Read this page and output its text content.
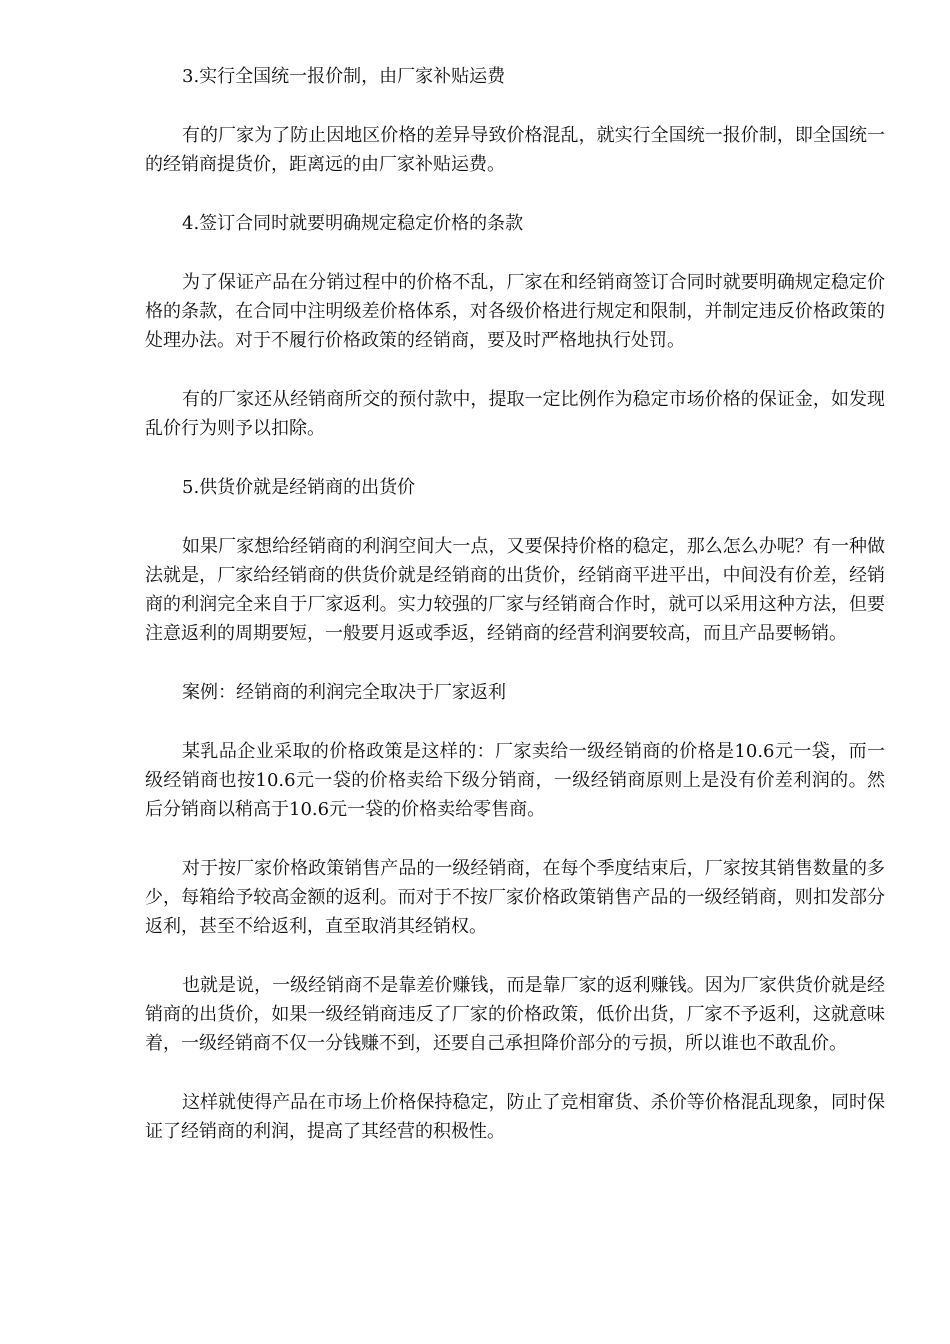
3.实行全国统一报价制，由厂家补贴运费

有的厂家为了防止因地区价格的差异导致价格混乱，就实行全国统一报价制，即全国统一的经销商提货价，距离远的由厂家补贴运费。

4.签订合同时就要明确规定稳定价格的条款

为了保证产品在分销过程中的价格不乱，厂家在和经销商签订合同时就要明确规定稳定价格的条款，在合同中注明级差价格体系，对各级价格进行规定和限制，并制定违反价格政策的处理办法。对于不履行价格政策的经销商，要及时严格地执行处罚。

有的厂家还从经销商所交的预付款中，提取一定比例作为稳定市场价格的保证金，如发现乱价行为则予以扣除。

5.供货价就是经销商的出货价

如果厂家想给经销商的利润空间大一点，又要保持价格的稳定，那么怎么办呢？有一种做法就是，厂家给经销商的供货价就是经销商的出货价，经销商平进平出，中间没有价差，经销商的利润完全来自于厂家返利。实力较强的厂家与经销商合作时，就可以采用这种方法，但要注意返利的周期要短，一般要月返或季返，经销商的经营利润要较高，而且产品要畅销。

案例：经销商的利润完全取决于厂家返利

某乳品企业采取的价格政策是这样的：厂家卖给一级经销商的价格是10.6元一袋，而一级经销商也按10.6元一袋的价格卖给下级分销商，一级经销商原则上是没有价差利润的。然后分销商以稍高于10.6元一袋的价格卖给零售商。

对于按厂家价格政策销售产品的一级经销商，在每个季度结束后，厂家按其销售数量的多少，每箱给予较高金额的返利。而对于不按厂家价格政策销售产品的一级经销商，则扣发部分返利，甚至不给返利，直至取消其经销权。

也就是说，一级经销商不是靠差价赚钱，而是靠厂家的返利赚钱。因为厂家供货价就是经销商的出货价，如果一级经销商违反了厂家的价格政策，低价出货，厂家不予返利，这就意味着，一级经销商不仅一分钱赚不到，还要自己承担降价部分的亏损，所以谁也不敢乱价。

这样就使得产品在市场上价格保持稳定，防止了竞相窜货、杀价等价格混乱现象，同时保证了经销商的利润，提高了其经营的积极性。
